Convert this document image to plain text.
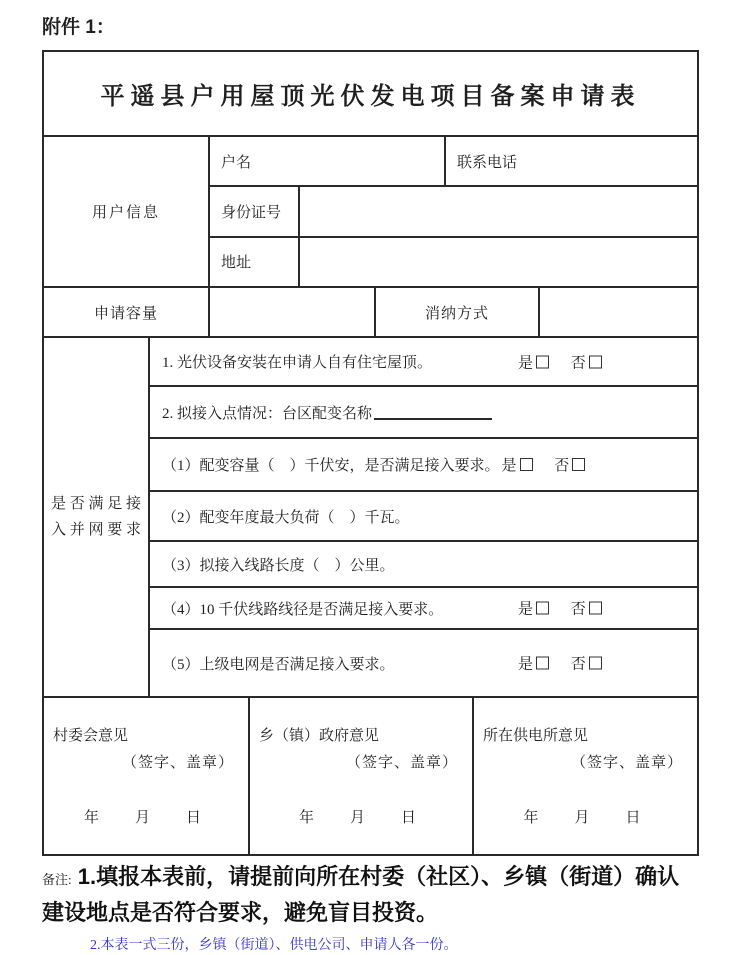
附件 1：
平遥县户用屋顶光伏发电项目备案申请表
用户信息
户名	联系电话
身份证号
地址
申请容量	消纳方式
是否满足接
入并网要求
1. 光伏设备安装在申请人自有住宅屋顶。	是	否
2. 拟接入点情况：台区配变名称
（1）配变容量（　）千伏安，是否满足接入要求。 是	否
（2）配变年度最大负荷（　）千瓦。
（3）拟接入线路长度（　）公里。
（4）10 千伏线路线径是否满足接入要求。	是	否
（5）上级电网是否满足接入要求。	是	否
村委会意见
（签字、盖章）
年　　月　　日
乡（镇）政府意见
（签字、盖章）
年　　月　　日
所在供电所意见
（签字、盖章）
年　　月　　日
备注: 1.填报本表前，请提前向所在村委（社区）、乡镇（街道）确认建设地点是否符合要求，避免盲目投资。
2.本表一式三份，乡镇（街道）、供电公司、申请人各一份。
